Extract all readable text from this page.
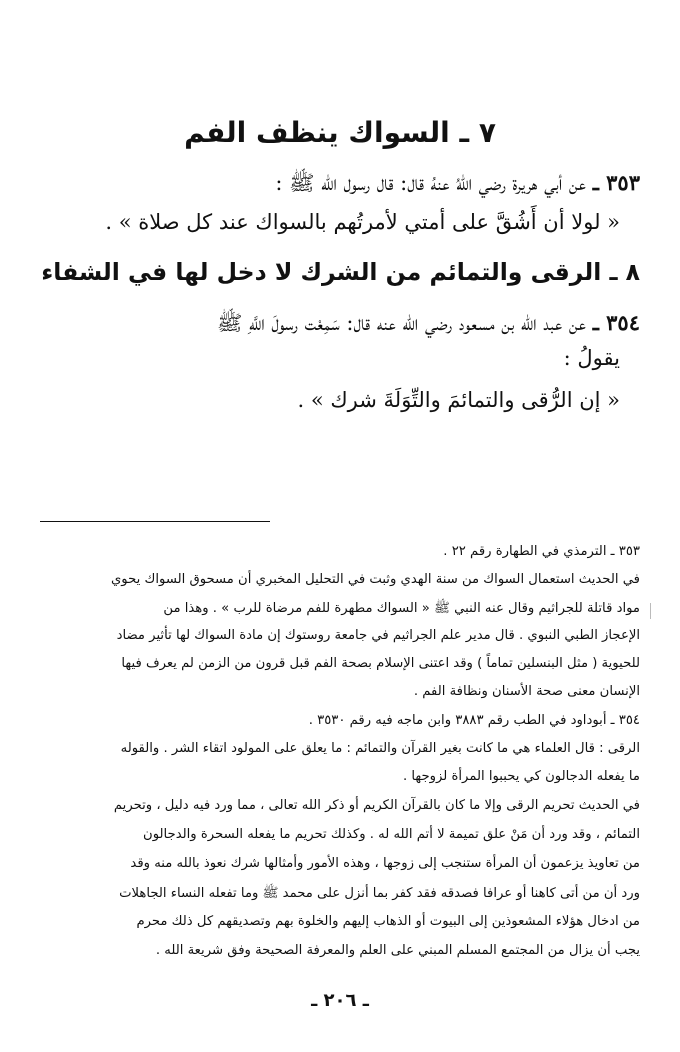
٧ ـ السواك ينظف الفم
٣٥٣ ـ عن أبي هريرة رضي اللهُ عنهُ قال: قال رسول الله ﷺ :
« لولا أن أَشُقَّ على أمتي لأمرتُهم بالسواك عند كل صلاة » .
٨ ـ الرقى والتمائم من الشرك لا دخل لها في الشفاء
٣٥٤ ـ عن عبد الله بن مسعود رضي الله عنه قال: سَمِعْت رسولَ اللَّهِ ﷺ
يقولُ :
« إن الرُّقى والتمائمَ والتِّوَلَةَ شرك » .
٣٥٣ ـ الترمذي في الطهارة رقم ٢٢ .
في الحديث استعمال السواك من سنة الهدي وثبت في التحليل المخبري أن مسحوق السواك يحوي
مواد قاتلة للجراثيم وقال عنه النبي ﷺ « السواك مطهرة للفم مرضاة للرب » . وهذا من
الإعجاز الطبي النبوي . قال مدير علم الجراثيم في جامعة روستوك إن مادة السواك لها تأثير مضاد
للحيوية ( مثل البنسلين تماماً ) وقد اعتنى الإسلام بصحة الفم قبل قرون من الزمن لم يعرف فيها
الإنسان معنى صحة الأسنان ونظافة الفم .
٣٥٤ ـ أبوداود في الطب رقم ٣٨٨٣ وابن ماجه فيه رقم ٣٥٣٠ .
الرقى : قال العلماء هي ما كانت بغير القرآن والتمائم : ما يعلق على المولود اتقاء الشر . والقوله
ما يفعله الدجالون كي يحببوا المرأة لزوجها .
في الحديث تحريم الرقى وإلا ما كان بالقرآن الكريم أو ذكر الله تعالى ، مما ورد فيه دليل ، وتحريم
التمائم ، وقد ورد أن مَنْ علق تميمة لا أتم الله له . وكذلك تحريم ما يفعله السحرة والدجالون
من تعاويذ يزعمون أن المرأة ستنجب إلى زوجها ، وهذه الأمور وأمثالها شرك نعوذ بالله منه وقد
ورد أن من أتى كاهنا أو عرافا فصدقه فقد كفر بما أنزل على محمد ﷺ وما تفعله النساء الجاهلات
من ادخال هؤلاء المشعوذين إلى البيوت أو الذهاب إليهم والخلوة بهم وتصديقهم كل ذلك محرم
يجب أن يزال من المجتمع المسلم المبني على العلم والمعرفة الصحيحة وفق شريعة الله .
ـ ٢٠٦ ـ
